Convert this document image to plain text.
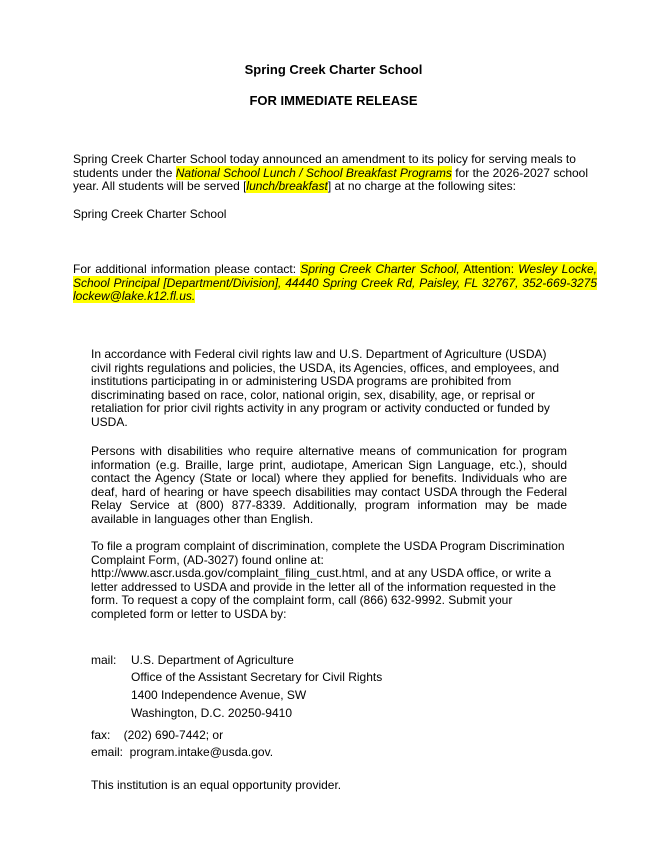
Spring Creek Charter School

FOR IMMEDIATE RELEASE

Spring Creek Charter School today announced an amendment to its policy for serving meals to students under the National School Lunch / School Breakfast Programs for the 2026-2027 school year. All students will be served [lunch/breakfast] at no charge at the following sites:

Spring Creek Charter School

For additional information please contact: Spring Creek Charter School, Attention: Wesley Locke, School Principal [Department/Division], 44440 Spring Creek Rd, Paisley, FL 32767, 352-669-3275 lockew@lake.k12.fl.us.

In accordance with Federal civil rights law and U.S. Department of Agriculture (USDA) civil rights regulations and policies, the USDA, its Agencies, offices, and employees, and institutions participating in or administering USDA programs are prohibited from discriminating based on race, color, national origin, sex, disability, age, or reprisal or retaliation for prior civil rights activity in any program or activity conducted or funded by USDA.

Persons with disabilities who require alternative means of communication for program information (e.g. Braille, large print, audiotape, American Sign Language, etc.), should contact the Agency (State or local) where they applied for benefits. Individuals who are deaf, hard of hearing or have speech disabilities may contact USDA through the Federal Relay Service at (800) 877-8339. Additionally, program information may be made available in languages other than English.

To file a program complaint of discrimination, complete the USDA Program Discrimination Complaint Form, (AD-3027) found online at: http://www.ascr.usda.gov/complaint_filing_cust.html, and at any USDA office, or write a letter addressed to USDA and provide in the letter all of the information requested in the form. To request a copy of the complaint form, call (866) 632-9992. Submit your completed form or letter to USDA by:

mail: U.S. Department of Agriculture

Office of the Assistant Secretary for Civil Rights

1400 Independence Avenue, SW

Washington, D.C. 20250-9410

fax:    (202) 690-7442; or

email:  program.intake@usda.gov.

This institution is an equal opportunity provider.
